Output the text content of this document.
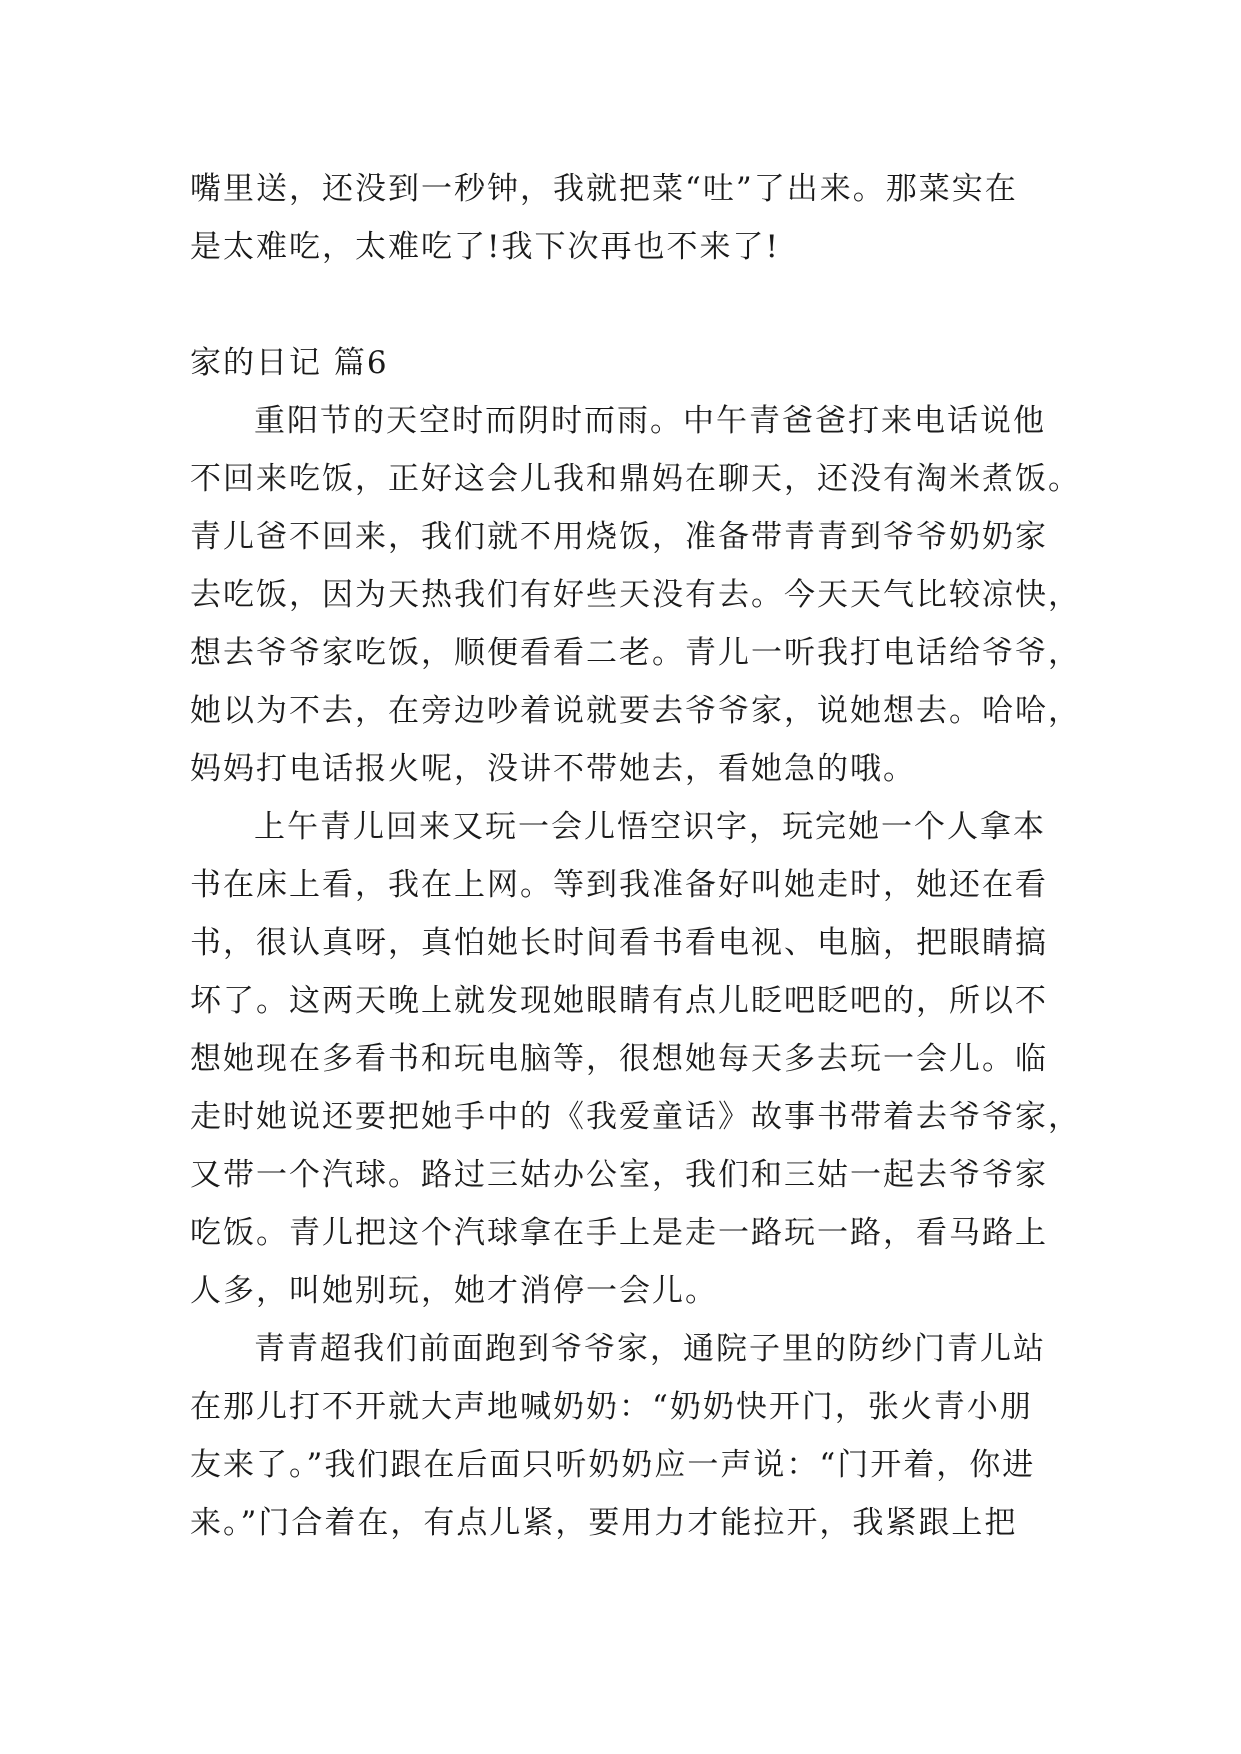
嘴里送，还没到一秒钟，我就把菜“吐”了出来。那菜实在
是太难吃，太难吃了!我下次再也不来了!
家的日记 篇6
重阳节的天空时而阴时而雨。中午青爸爸打来电话说他
不回来吃饭，正好这会儿我和鼎妈在聊天，还没有淘米煮饭。
青儿爸不回来，我们就不用烧饭，准备带青青到爷爷奶奶家
去吃饭，因为天热我们有好些天没有去。今天天气比较凉快，
想去爷爷家吃饭，顺便看看二老。青儿一听我打电话给爷爷，
她以为不去，在旁边吵着说就要去爷爷家，说她想去。哈哈，
妈妈打电话报火呢，没讲不带她去，看她急的哦。
上午青儿回来又玩一会儿悟空识字，玩完她一个人拿本
书在床上看，我在上网。等到我准备好叫她走时，她还在看
书，很认真呀，真怕她长时间看书看电视、电脑，把眼睛搞
坏了。这两天晚上就发现她眼睛有点儿眨吧眨吧的，所以不
想她现在多看书和玩电脑等，很想她每天多去玩一会儿。临
走时她说还要把她手中的《我爱童话》故事书带着去爷爷家，
又带一个汽球。路过三姑办公室，我们和三姑一起去爷爷家
吃饭。青儿把这个汽球拿在手上是走一路玩一路，看马路上
人多，叫她别玩，她才消停一会儿。
青青超我们前面跑到爷爷家，通院子里的防纱门青儿站
在那儿打不开就大声地喊奶奶：“奶奶快开门，张火青小朋
友来了。”我们跟在后面只听奶奶应一声说：“门开着，你进
来。”门合着在，有点儿紧，要用力才能拉开，我紧跟上把
